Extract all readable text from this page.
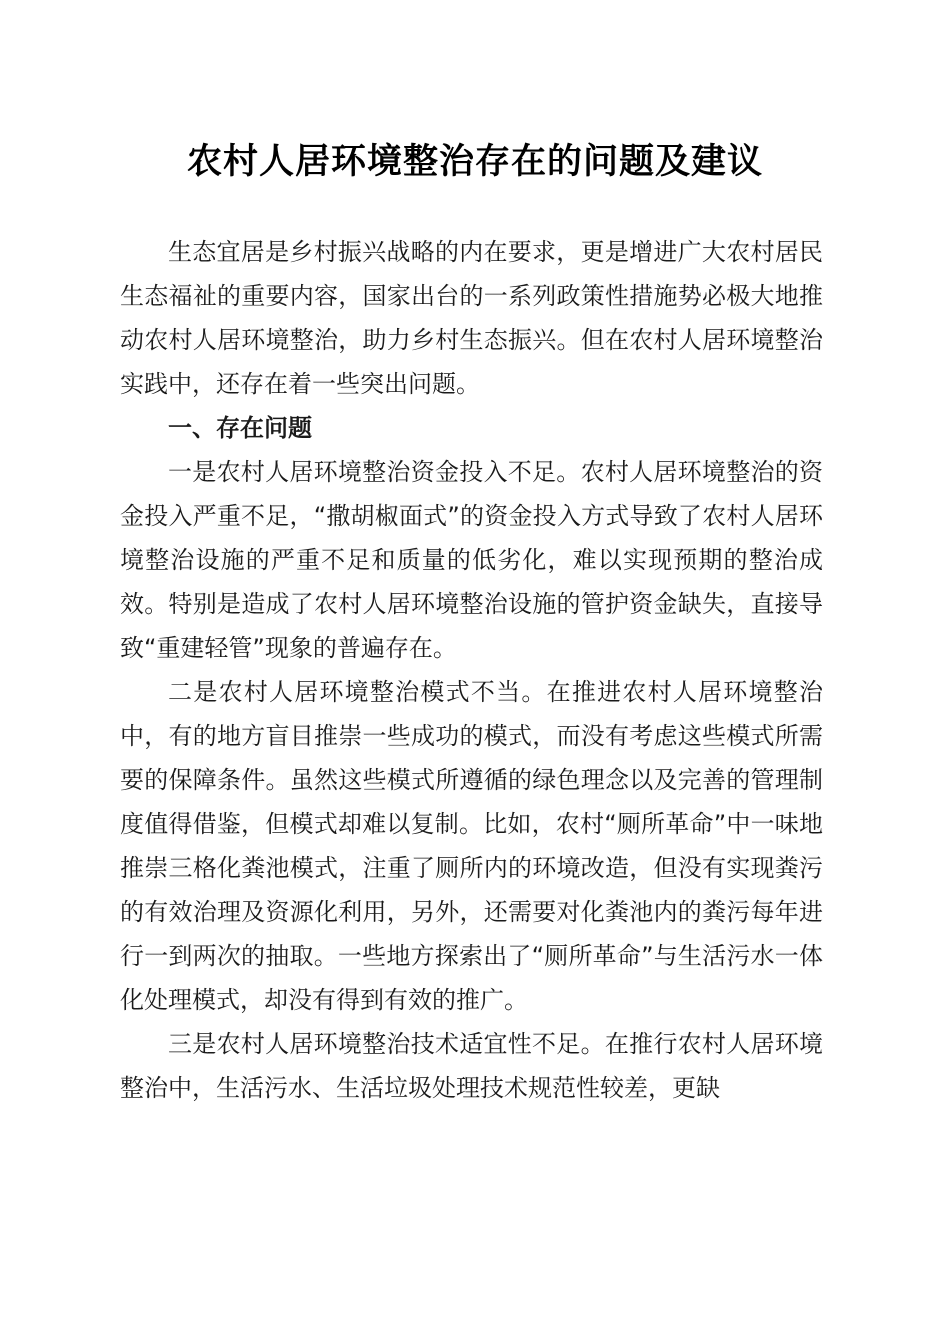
农村人居环境整治存在的问题及建议

生态宜居是乡村振兴战略的内在要求，更是增进广大农村居民生态福祉的重要内容，国家出台的一系列政策性措施势必极大地推动农村人居环境整治，助力乡村生态振兴。但在农村人居环境整治实践中，还存在着一些突出问题。

一、存在问题

一是农村人居环境整治资金投入不足。农村人居环境整治的资金投入严重不足，“撒胡椒面式”的资金投入方式导致了农村人居环境整治设施的严重不足和质量的低劣化，难以实现预期的整治成效。特别是造成了农村人居环境整治设施的管护资金缺失，直接导致“重建轻管”现象的普遍存在。

二是农村人居环境整治模式不当。在推进农村人居环境整治中，有的地方盲目推崇一些成功的模式，而没有考虑这些模式所需要的保障条件。虽然这些模式所遵循的绿色理念以及完善的管理制度值得借鉴，但模式却难以复制。比如，农村“厕所革命”中一味地推崇三格化粪池模式，注重了厕所内的环境改造，但没有实现粪污的有效治理及资源化利用，另外，还需要对化粪池内的粪污每年进行一到两次的抽取。一些地方探索出了“厕所革命”与生活污水一体化处理模式，却没有得到有效的推广。

三是农村人居环境整治技术适宜性不足。在推行农村人居环境整治中，生活污水、生活垃圾处理技术规范性较差，更缺
